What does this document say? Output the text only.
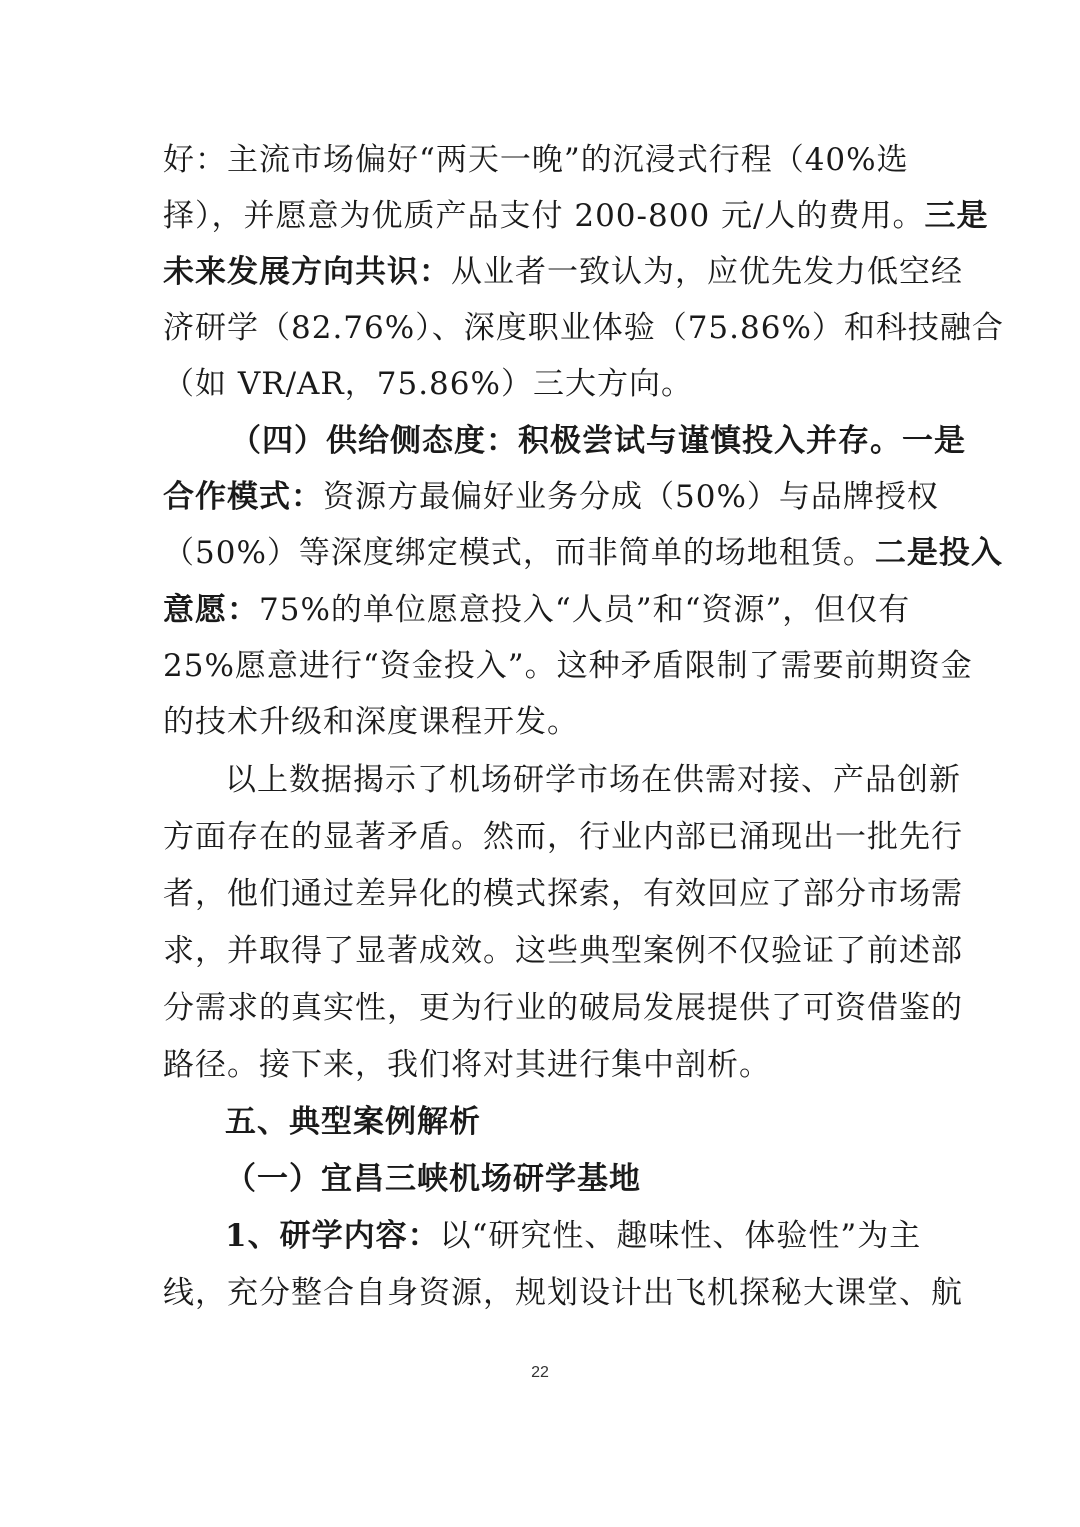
好：主流市场偏好“两天一晚”的沉浸式行程（40%选
择），并愿意为优质产品支付 200-800 元/人的费用。三是
未来发展方向共识：从业者一致认为，应优先发力低空经
济研学（82.76%）、深度职业体验（75.86%）和科技融合
（如 VR/AR，75.86%）三大方向。
（四）供给侧态度：积极尝试与谨慎投入并存。一是
合作模式：资源方最偏好业务分成（50%）与品牌授权
（50%）等深度绑定模式，而非简单的场地租赁。二是投入
意愿：75%的单位愿意投入“人员”和“资源”，但仅有
25%愿意进行“资金投入”。这种矛盾限制了需要前期资金
的技术升级和深度课程开发。
以上数据揭示了机场研学市场在供需对接、产品创新
方面存在的显著矛盾。然而，行业内部已涌现出一批先行
者，他们通过差异化的模式探索，有效回应了部分市场需
求，并取得了显著成效。这些典型案例不仅验证了前述部
分需求的真实性，更为行业的破局发展提供了可资借鉴的
路径。接下来，我们将对其进行集中剖析。
五、典型案例解析
（一）宜昌三峡机场研学基地
1、研学内容：以“研究性、趣味性、体验性”为主
线，充分整合自身资源，规划设计出飞机探秘大课堂、航
22
